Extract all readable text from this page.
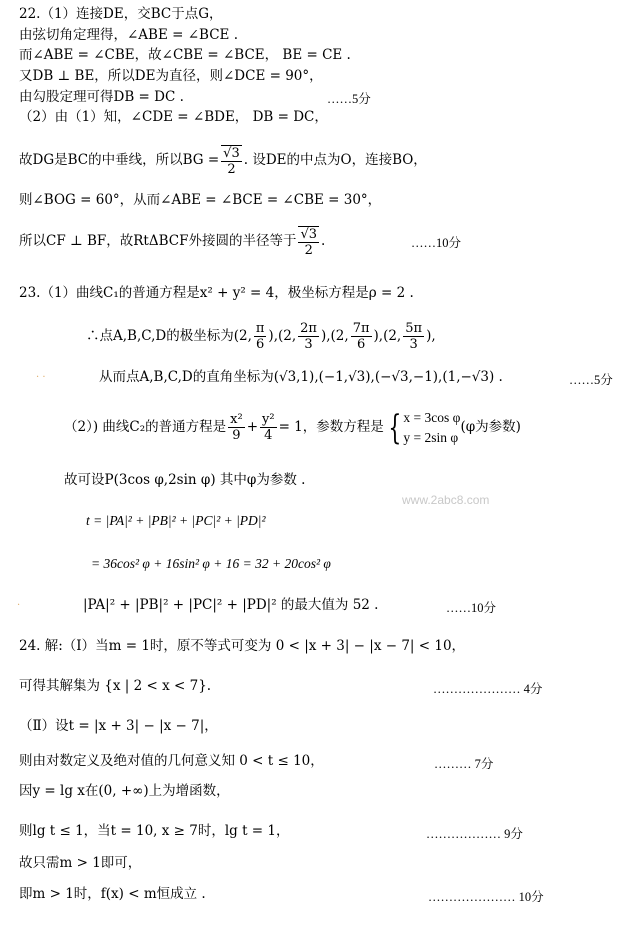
22.（1）连接DE，交BC于点G，
由弦切角定理得，∠ABE = ∠BCE .
而∠ABE = ∠CBE，故∠CBE = ∠BCE， BE = CE .
又DB ⊥ BE，所以DE为直径，则∠DCE = 90°，
由勾股定理可得DB = DC .	……5分
（2）由（1）知，∠CDE = ∠BDE， DB = DC，
故DG是BC的中垂线，所以BG = $\frac{√3}{2}$ . 设DE的中点为O，连接BO，
则∠BOG = 60°，从而∠ABE = ∠BCE = ∠CBE = 30°，
所以CF ⊥ BF，故RtΔBCF外接圆的半径等于 $\frac{√3}{2}$ .	……10分
23.（1）曲线C₁的普通方程是x² + y² = 4，极坐标方程是ρ = 2 .
∴点A,B,C,D的极坐标为(2, $\frac{\pi}{6} ),(2$, $\frac{2\pi}{3} ),(2$, $\frac{7\pi}{6} ),(2$, $\frac{5\pi}{3}$ ),
· ·	从而点A,B,C,D的直角坐标为(√3,1),(−1,√3),(−√3,−1),(1,−√3) .	……5分
（2）) 曲线C₂的普通方程是 $\frac{\text{x²}}{9} + \frac{\text{y²}}{4} = 1$，参数方程是 { x = 3cos φ
y = 2sin φ
(φ为参数)
故可设P(3cos φ,2sin φ) 其中φ为参数 .
www.2abc8.com
t = |PA|² + |PB|² + |PC|² + |PD|²
= 36cos² φ + 16sin² φ + 16 = 32 + 20cos² φ
·	|PA|² + |PB|² + |PC|² + |PD|² 的最大值为 52 .	……10分
24. 解:（Ⅰ）当m = 1时，原不等式可变为 0 < |x + 3| − |x − 7| < 10，
可得其解集为 {x | 2 < x < 7}.	………………… 4分
（Ⅱ）设t = |x + 3| − |x − 7|，
则由对数定义及绝对值的几何意义知 0 < t ≤ 10，	……… 7分
因y = lg x在(0, +∞)上为增函数，
则lg t ≤ 1，当t = 10, x ≥ 7时，lg t = 1，	……………… 9分
故只需m > 1即可，
即m > 1时，f(x) < m恒成立 .	………………… 10分
